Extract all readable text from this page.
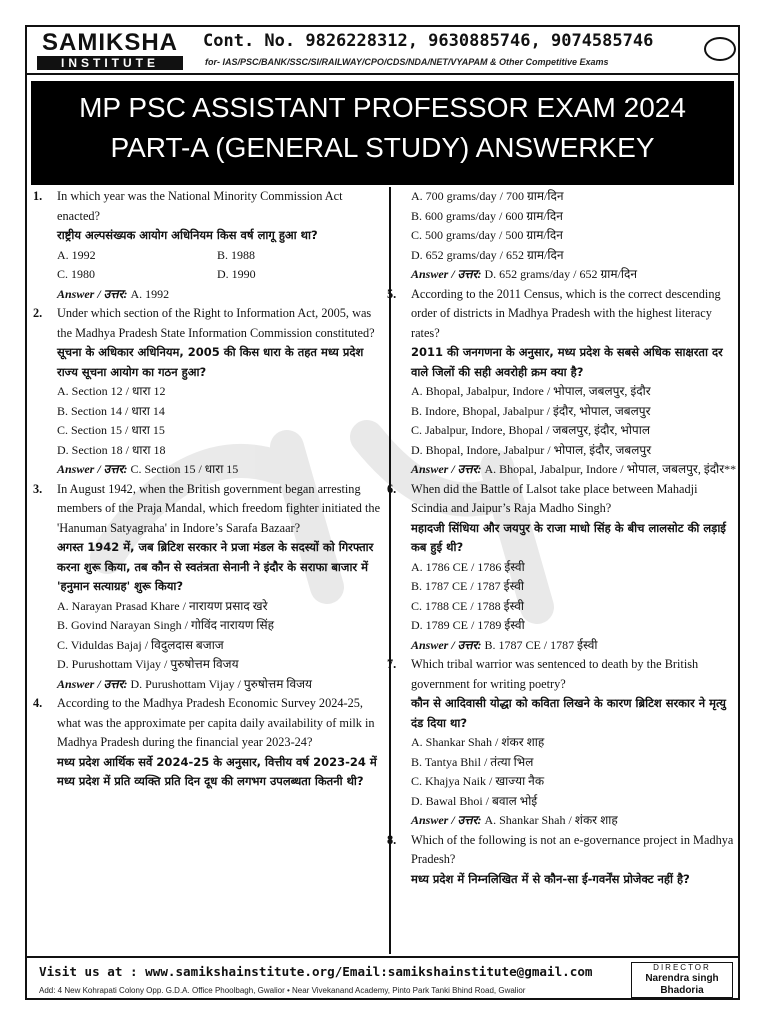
SAMIKSHA
INSTITUTE
Cont. No. 9826228312, 9630885746, 9074585746
for- IAS/PSC/BANK/SSC/SI/RAILWAY/CPO/CDS/NDA/NET/VYAPAM & Other Competitive Exams
MP PSC ASSISTANT PROFESSOR EXAM 2024
PART-A (GENERAL STUDY) ANSWERKEY
1.	In which year was the National Minority Commission Act enacted?
राष्ट्रीय अल्पसंख्यक आयोग अधिनियम किस वर्ष लागू हुआ था?
A. 1992	B. 1988
C. 1980	D. 1990
Answer / उत्तर: A. 1992
2.	Under which section of the Right to Information Act, 2005, was the Madhya Pradesh State Information Commission constituted?
सूचना के अधिकार अधिनियम, 2005 की किस धारा के तहत मध्य प्रदेश राज्य सूचना आयोग का गठन हुआ?
A. Section 12 / धारा 12
B. Section 14 / धारा 14
C. Section 15 / धारा 15
D. Section 18 / धारा 18
Answer / उत्तर: C. Section 15 / धारा 15
3.	In August 1942, when the British government began arresting members of the Praja Mandal, which freedom fighter initiated the 'Hanuman Satyagraha' in Indore’s Sarafa Bazaar?
अगस्त 1942 में, जब ब्रिटिश सरकार ने प्रजा मंडल के सदस्यों को गिरफ्तार करना शुरू किया, तब कौन से स्वतंत्रता सेनानी ने इंदौर के सराफा बाजार में 'हनुमान सत्याग्रह' शुरू किया?
A. Narayan Prasad Khare / नारायण प्रसाद खरे
B. Govind Narayan Singh / गोविंद नारायण सिंह
C. Viduldas Bajaj / विदुलदास बजाज
D. Purushottam Vijay / पुरुषोत्तम विजय
Answer / उत्तर: D. Purushottam Vijay / पुरुषोत्तम विजय
4.	According to the Madhya Pradesh Economic Survey 2024-25, what was the approximate per capita daily availability of milk in Madhya Pradesh during the financial year 2023-24?
मध्य प्रदेश आर्थिक सर्वे 2024-25 के अनुसार, वित्तीय वर्ष 2023-24 में मध्य प्रदेश में प्रति व्यक्ति प्रति दिन दूध की लगभग उपलब्धता कितनी थी?
A. 700 grams/day / 700 ग्राम/दिन
B. 600 grams/day / 600 ग्राम/दिन
C. 500 grams/day / 500 ग्राम/दिन
D. 652 grams/day / 652 ग्राम/दिन
Answer / उत्तर: D. 652 grams/day / 652 ग्राम/दिन
5.	According to the 2011 Census, which is the correct descending order of districts in Madhya Pradesh with the highest literacy rates?
2011 की जनगणना के अनुसार, मध्य प्रदेश के सबसे अधिक साक्षरता दर वाले जिलों की सही अवरोही क्रम क्या है?
A. Bhopal, Jabalpur, Indore / भोपाल, जबलपुर, इंदौर
B. Indore, Bhopal, Jabalpur / इंदौर, भोपाल, जबलपुर
C. Jabalpur, Indore, Bhopal / जबलपुर, इंदौर, भोपाल
D. Bhopal, Indore, Jabalpur / भोपाल, इंदौर, जबलपुर
Answer / उत्तर: A. Bhopal, Jabalpur, Indore / भोपाल, जबलपुर, इंदौर**
6.	When did the Battle of Lalsot take place between Mahadji Scindia and Jaipur’s Raja Madho Singh?
महादजी सिंधिया और जयपुर के राजा माधो सिंह के बीच लालसोट की लड़ाई कब हुई थी?
A. 1786 CE / 1786 ईस्वी
B. 1787 CE / 1787 ईस्वी
C. 1788 CE / 1788 ईस्वी
D. 1789 CE / 1789 ईस्वी
Answer / उत्तर: B. 1787 CE / 1787 ईस्वी
7.	Which tribal warrior was sentenced to death by the British government for writing poetry?
कौन से आदिवासी योद्धा को कविता लिखने के कारण ब्रिटिश सरकार ने मृत्यु दंड दिया था?
A. Shankar Shah / शंकर शाह
B. Tantya Bhil / तंत्या भिल
C. Khajya Naik / खाज्या नैक
D. Bawal Bhoi / बवाल भोई
Answer / उत्तर: A. Shankar Shah / शंकर शाह
8.	Which of the following is not an e-governance project in Madhya Pradesh?
मध्य प्रदेश में निम्नलिखित में से कौन-सा ई-गवर्नेंस प्रोजेक्ट नहीं है?
Visit us at : www.samikshainstitute.org/Email:samikshainstitute@gmail.com
Add: 4 New Kohrapati Colony Opp. G.D.A. Office Phoolbagh, Gwalior • Near Vivekanand Academy, Pinto Park Tanki Bhind Road, Gwalior
DIRECTOR
Narendra singh
Bhadoria
